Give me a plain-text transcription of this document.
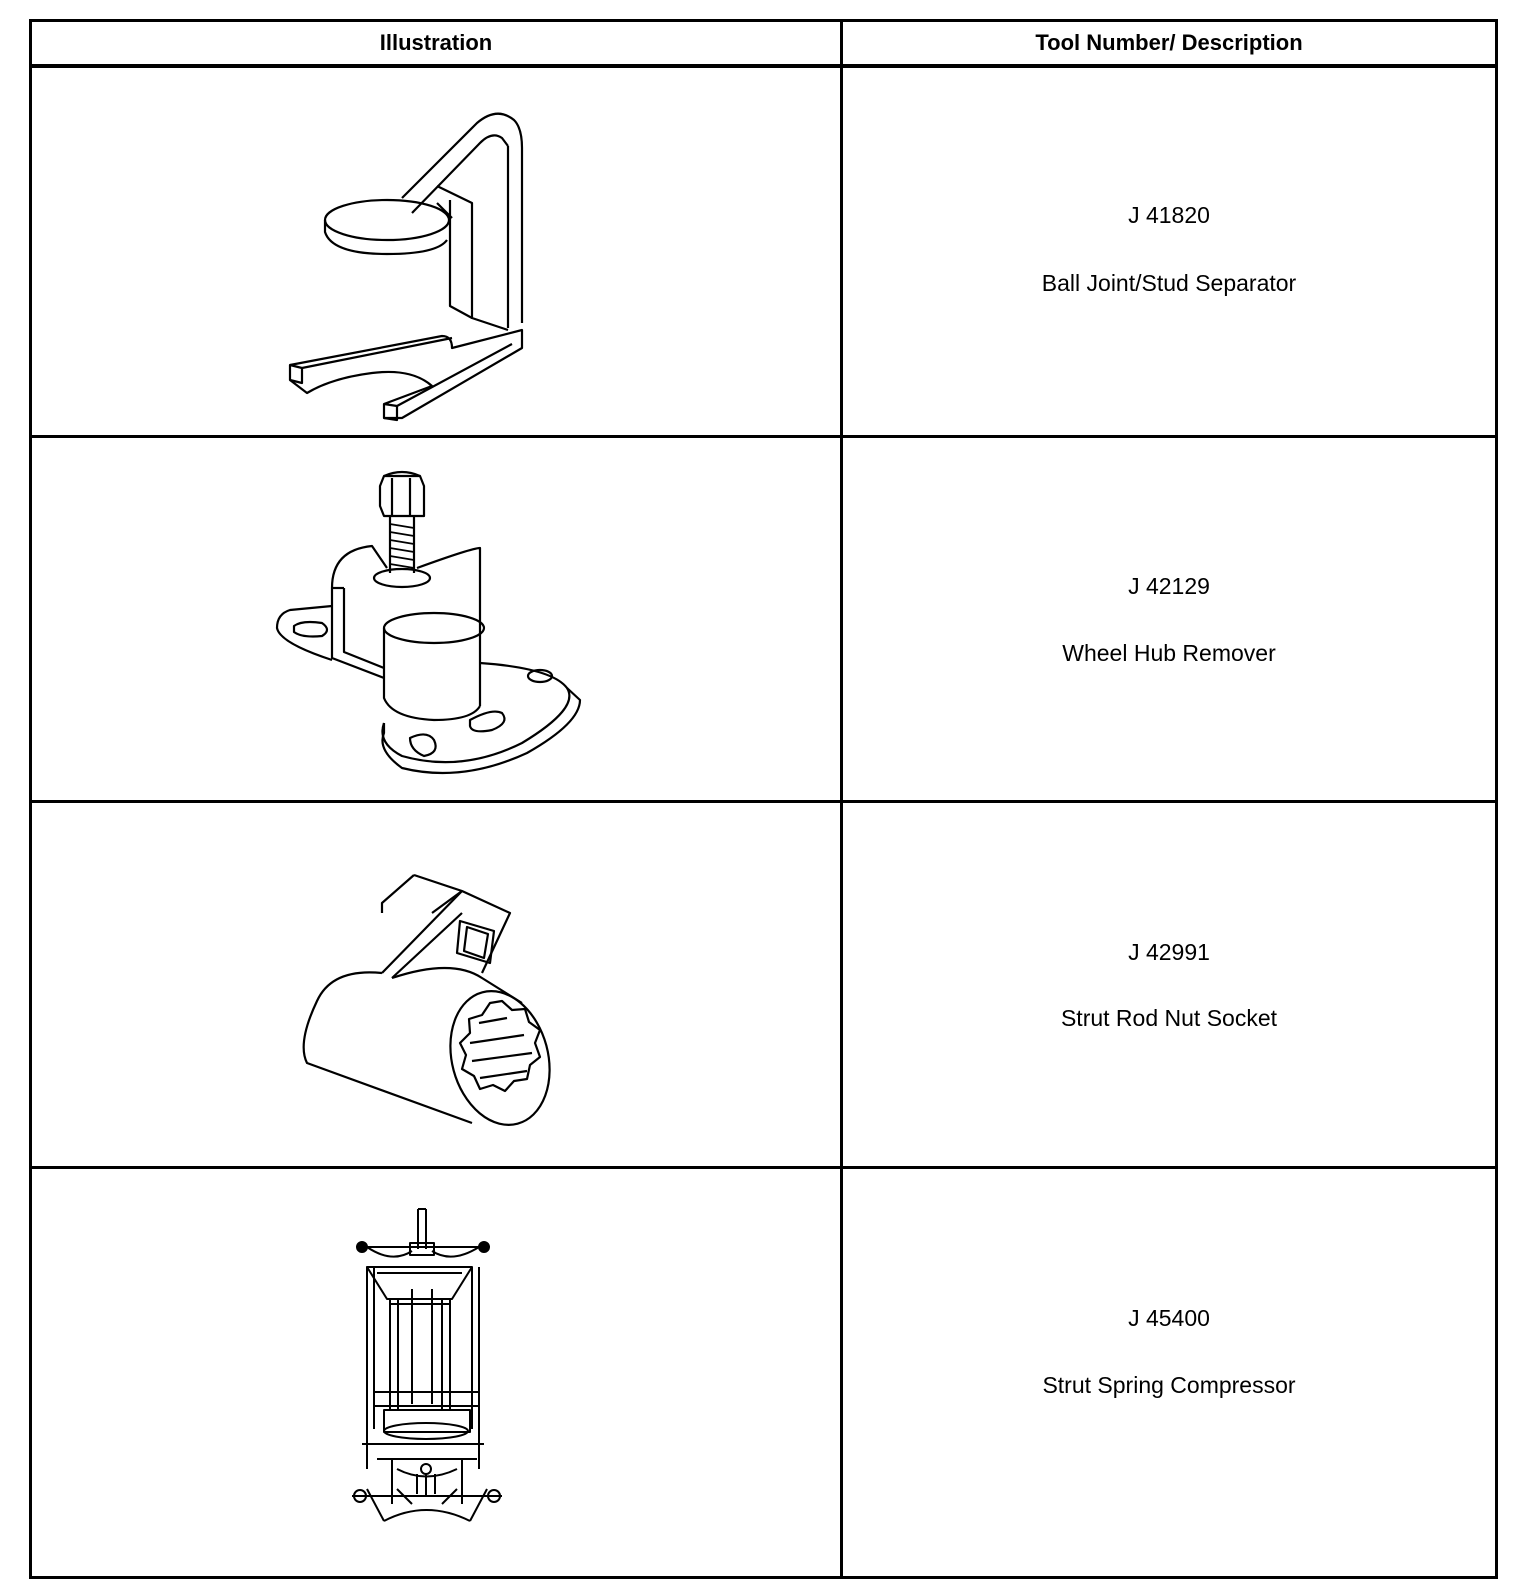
Illustration	Tool Number/ Description
J 41820
Ball Joint/Stud Separator
J 42129
Wheel Hub Remover
J 42991
Strut Rod Nut Socket
J 45400
Strut Spring Compressor
